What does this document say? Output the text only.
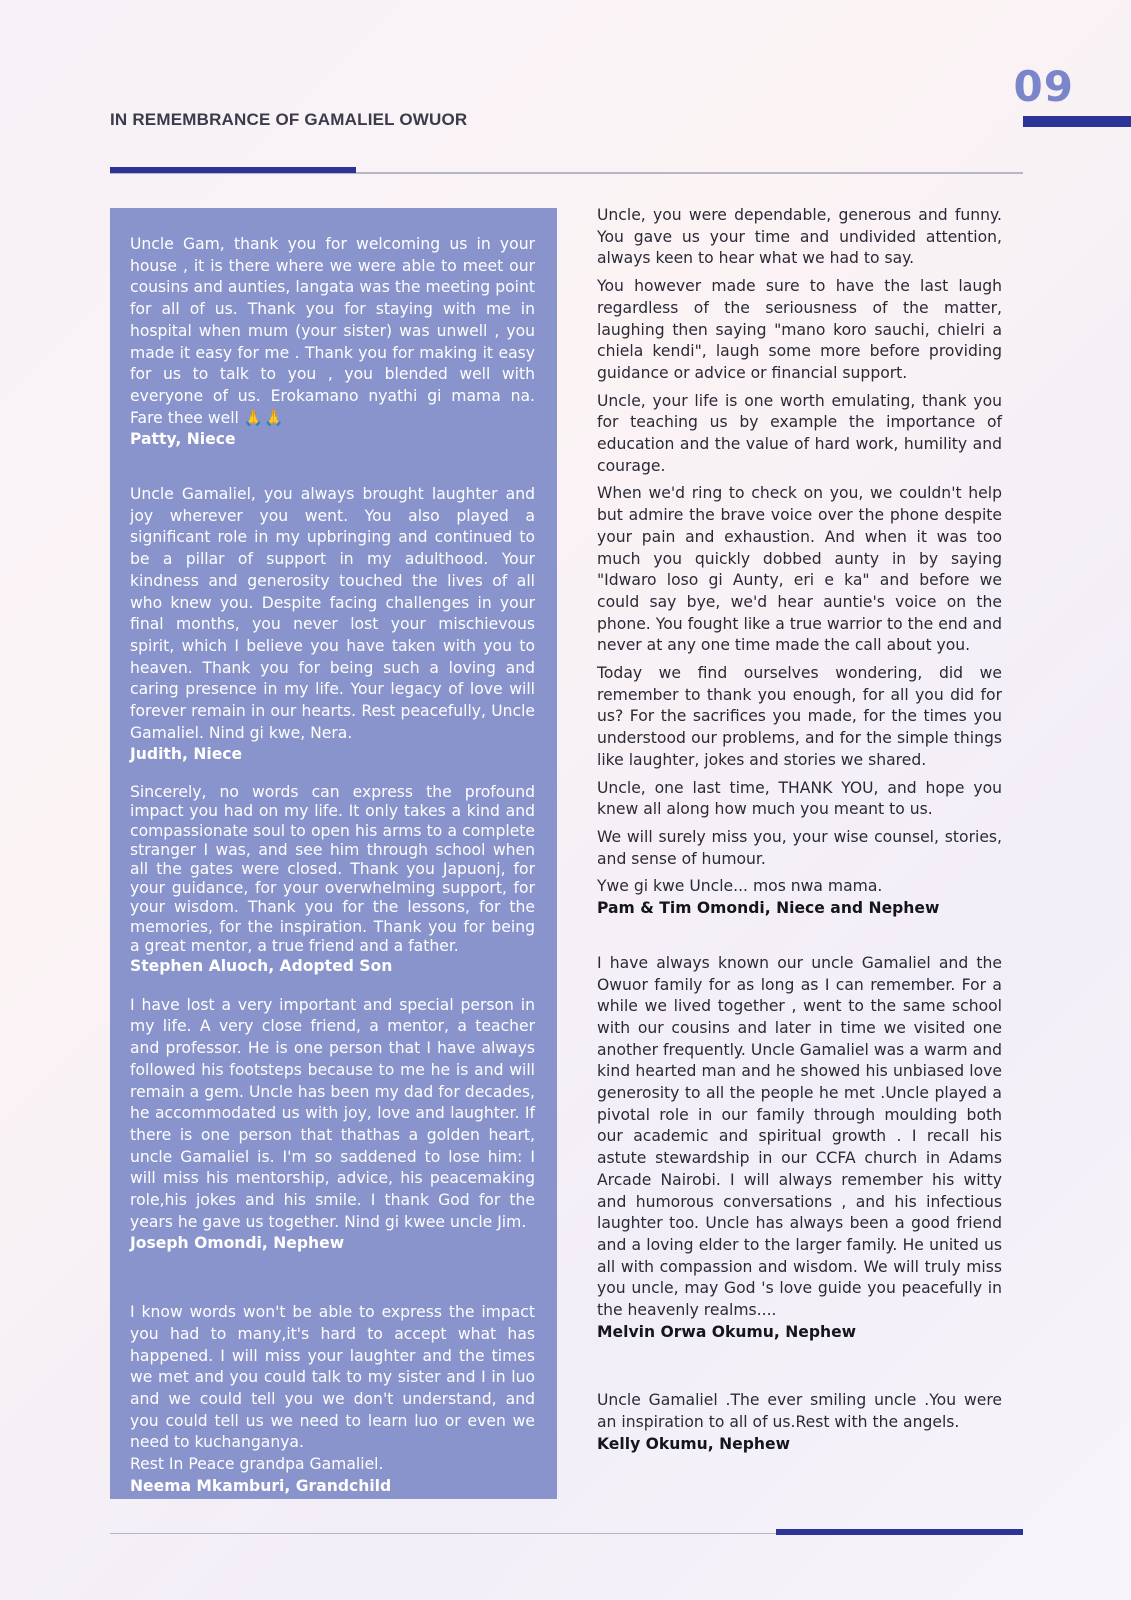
IN REMEMBRANCE OF GAMALIEL OWUOR
09

Uncle Gam, thank you for welcoming us in your house , it is there where we were able to meet our cousins and aunties, langata was the meeting point for all of us. Thank you for staying with me in hospital when mum (your sister) was unwell , you made it easy for me . Thank you for making it easy for us to talk to you , you blended well with everyone of us. Erokamano nyathi gi mama na. Fare thee well 🙏🙏

Patty, Niece

Uncle Gamaliel, you always brought laughter and joy wherever you went. You also played a significant role in my upbringing and continued to be a pillar of support in my adulthood. Your kindness and generosity touched the lives of all who knew you. Despite facing challenges in your final months, you never lost your mischievous spirit, which I believe you have taken with you to heaven. Thank you for being such a loving and caring presence in my life. Your legacy of love will forever remain in our hearts. Rest peacefully, Uncle Gamaliel. Nind gi kwe, Nera.

Judith, Niece

Sincerely, no words can express the profound impact you had on my life. It only takes a kind and compassionate soul to open his arms to a complete stranger I was, and see him through school when all the gates were closed. Thank you Japuonj, for your guidance, for your overwhelming support, for your wisdom. Thank you for the lessons, for the memories, for the inspiration. Thank you for being a great mentor, a true friend and a father.

Stephen Aluoch, Adopted Son

I have lost a very important and special person in my life. A very close friend, a mentor, a teacher and professor. He is one person that I have always followed his footsteps because to me he is and will remain a gem. Uncle has been my dad for decades, he accommodated us with joy, love and laughter. If there is one person that thathas a golden heart, uncle Gamaliel is. I'm so saddened to lose him: I will miss his mentorship, advice, his peacemaking role,his jokes and his smile. I thank God for the years he gave us together. Nind gi kwee uncle Jim.

Joseph Omondi, Nephew

I know words won't be able to express the impact you had to many,it's hard to accept what has happened. I will miss your laughter and the times we met and you could talk to my sister and I in luo and we could tell you we don't understand, and you could tell us we need to learn luo or even we need to kuchanganya.

Rest In Peace grandpa Gamaliel.

Neema Mkamburi, Grandchild

Uncle, you were dependable, generous and funny. You gave us your time and undivided attention, always keen to hear what we had to say.

You however made sure to have the last laugh regardless of the seriousness of the matter, laughing then saying "mano koro sauchi, chielri a chiela kendi", laugh some more before providing guidance or advice or financial support.

Uncle, your life is one worth emulating, thank you for teaching us by example the importance of education and the value of hard work, humility and courage.

When we'd ring to check on you, we couldn't help but admire the brave voice over the phone despite your pain and exhaustion. And when it was too much you quickly dobbed aunty in by saying "Idwaro loso gi Aunty, eri e ka" and before we could say bye, we'd hear auntie's voice on the phone. You fought like a true warrior to the end and never at any one time made the call about you.

Today we find ourselves wondering, did we remember to thank you enough, for all you did for us? For the sacrifices you made, for the times you understood our problems, and for the simple things like laughter, jokes and stories we shared.

Uncle, one last time, THANK YOU, and hope you knew all along how much you meant to us.

We will surely miss you, your wise counsel, stories, and sense of humour.

Ywe gi kwe Uncle... mos nwa mama.

Pam & Tim Omondi, Niece and Nephew

I have always known our uncle Gamaliel and the Owuor family for as long as I can remember. For a while we lived together , went to the same school with our cousins and later in time we visited one another frequently. Uncle Gamaliel was a warm and kind hearted man and he showed his unbiased love generosity to all the people he met .Uncle played a pivotal role in our family through moulding both our academic and spiritual growth . I recall his astute stewardship in our CCFA church in Adams Arcade Nairobi. I will always remember his witty and humorous conversations , and his infectious laughter too. Uncle has always been a good friend and a loving elder to the larger family. He united us all with compassion and wisdom. We will truly miss you uncle, may God 's love guide you peacefully in the heavenly realms....

Melvin Orwa Okumu, Nephew

Uncle Gamaliel .The ever smiling uncle .You were an inspiration to all of us.Rest with the angels.

Kelly Okumu, Nephew
